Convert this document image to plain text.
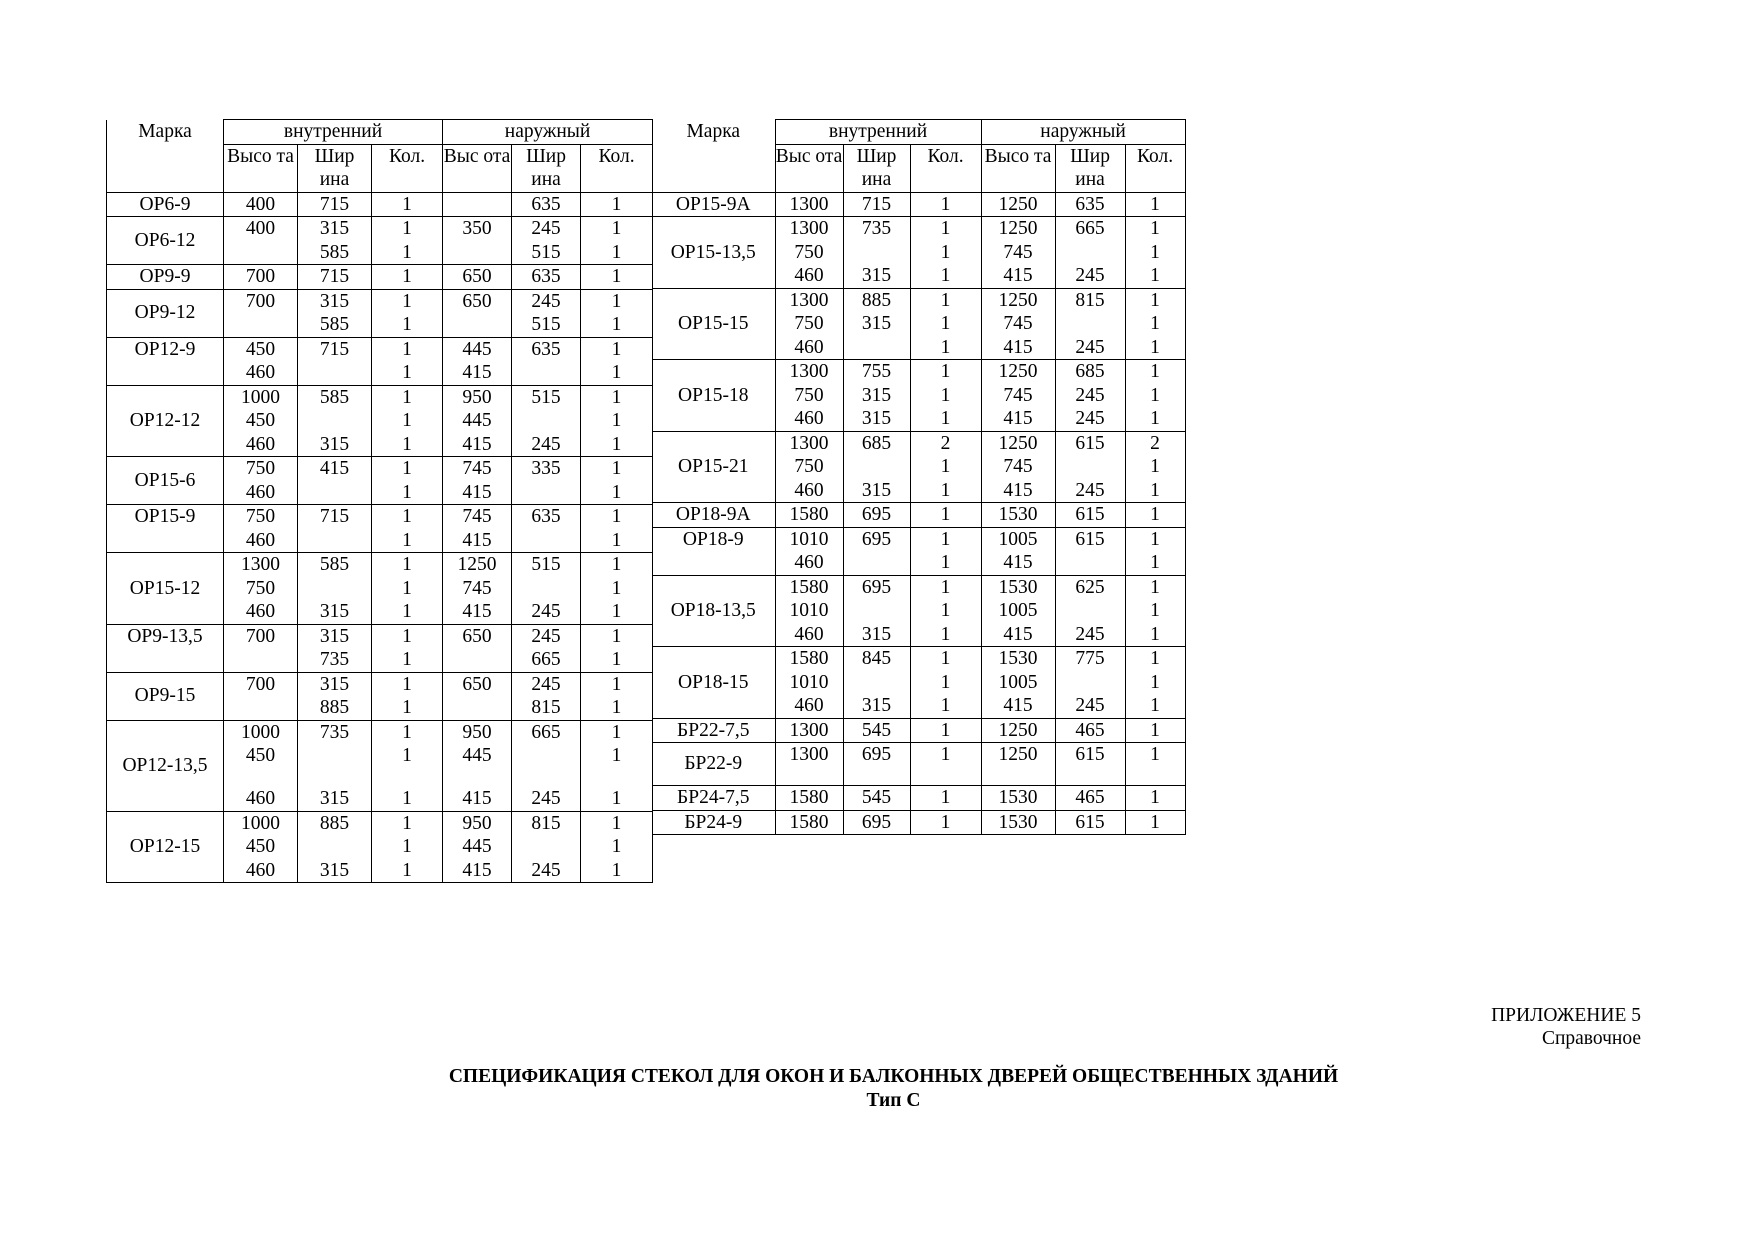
Марка	внутренний			наружный		
	Высо та	Шир ина	Кол.	Выс ота	Шир ина	Кол.

ОР6-9	400	715	1		635	1
ОР6-12	400	315	1	350	245	1
		585	1		515	1
ОР9-9	700	715	1	650	635	1
ОР9-12	700	315	1	650	245	1
		585	1		515	1
ОР12-9	450	715	1	445	635	1
	460		1	415		1
ОР12-12	1000	585	1	950	515	1
	450		1	445		1
	460	315	1	415	245	1
ОР15-6	750	415	1	745	335	1
	460		1	415		1
ОР15-9	750	715	1	745	635	1
	460		1	415		1
ОР15-12	1300	585	1	1250	515	1
	750		1	745		1
	460	315	1	415	245	1
ОР9-13,5	700	315	1	650	245	1
		735	1		665	1
ОР9-15	700	315	1	650	245	1
		885	1		815	1
ОР12-13,5	1000	735	1	950	665	1
	450		1	445		1
	460	315	1	415	245	1
ОР12-15	1000	885	1	950	815	1
	450		1	445		1
	460	315	1	415	245	1
Марка	внутренний			наружный		
	Выс ота	Шир ина	Кол.	Высо та	Шир ина	Кол.

ОР15-9А	1300	715	1	1250	635	1
ОР15-13,5	1300	735	1	1250	665	1
	750		1	745		1
	460	315	1	415	245	1
ОР15-15	1300	885	1	1250	815	1
	750	315	1	745		1
	460		1	415	245	1
ОР15-18	1300	755	1	1250	685	1
	750	315	1	745	245	1
	460	315	1	415	245	1
ОР15-21	1300	685	2	1250	615	2
	750		1	745		1
	460	315	1	415	245	1
ОР18-9А	1580	695	1	1530	615	1
ОР18-9	1010	695	1	1005	615	1
	460		1	415		1
ОР18-13,5	1580	695	1	1530	625	1
	1010		1	1005		1
	460	315	1	415	245	1
ОР18-15	1580	845	1	1530	775	1
	1010		1	1005		1
	460	315	1	415	245	1
БР22-7,5	1300	545	1	1250	465	1
БР22-9	1300	695	1	1250	615	1
БР24-7,5	1580	545	1	1530	465	1
БР24-9	1580	695	1	1530	615	1
ПРИЛОЖЕНИЕ 5
Справочное
СПЕЦИФИКАЦИЯ СТЕКОЛ ДЛЯ ОКОН И БАЛКОННЫХ ДВЕРЕЙ ОБЩЕСТВЕННЫХ ЗДАНИЙ
Тип С
